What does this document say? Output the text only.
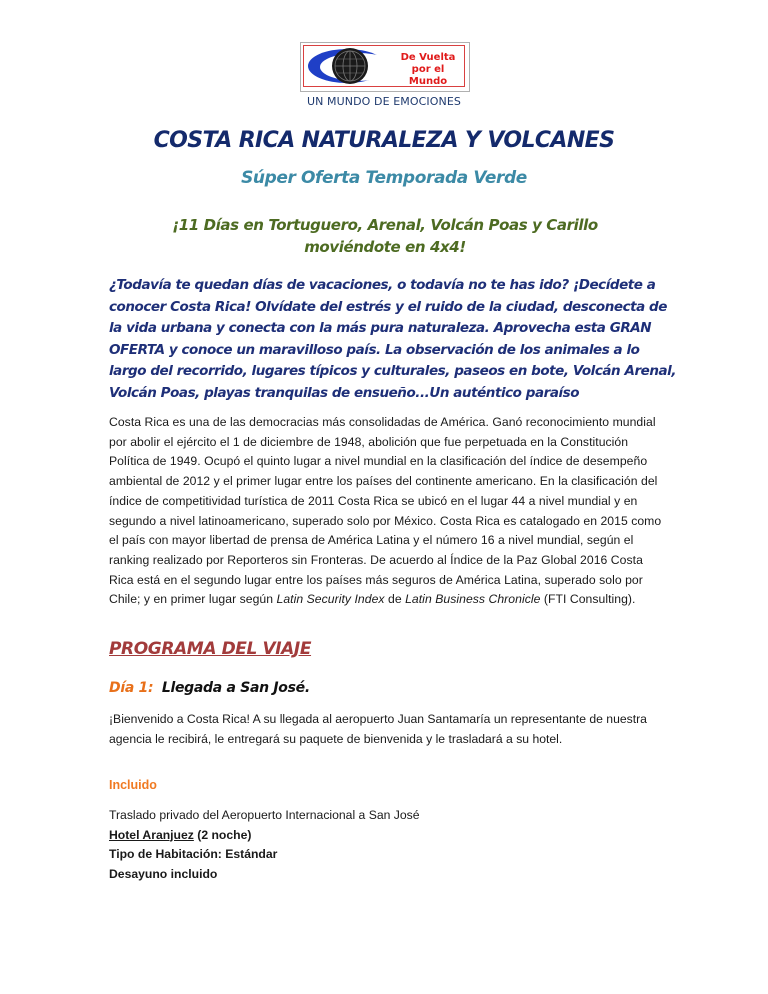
De Vuelta
por el Mundo
UN MUNDO DE EMOCIONES
COSTA RICA NATURALEZA Y VOLCANES
Súper Oferta Temporada Verde
¡11 Días en Tortuguero, Arenal, Volcán Poas y Carillo
moviéndote en 4x4!
¿Todavía te quedan días de vacaciones, o todavía no te has ido? ¡Decídete a conocer Costa Rica! Olvídate del estrés y el ruido de la ciudad, desconecta de la vida urbana y conecta con la más pura naturaleza. Aprovecha esta GRAN OFERTA y conoce un maravilloso país. La observación de los animales a lo largo del recorrido, lugares típicos y culturales, paseos en bote, Volcán Arenal, Volcán Poas, playas tranquilas de ensueño...Un auténtico paraíso
Costa Rica es una de las democracias más consolidadas de América. Ganó reconocimiento mundial por abolir el ejército el 1 de diciembre de 1948, abolición que fue perpetuada en la Constitución Política de 1949. Ocupó el quinto lugar a nivel mundial en la clasificación del índice de desempeño ambiental de 2012 y el primer lugar entre los países del continente americano. En la clasificación del índice de competitividad turística de 2011 Costa Rica se ubicó en el lugar 44 a nivel mundial y en segundo a nivel latinoamericano, superado solo por México. Costa Rica es catalogado en 2015 como el país con mayor libertad de prensa de América Latina y el número 16 a nivel mundial, según el ranking realizado por Reporteros sin Fronteras. De acuerdo al Índice de la Paz Global 2016 Costa Rica está en el segundo lugar entre los países más seguros de América Latina, superado solo por Chile; y en primer lugar según Latin Security Index de Latin Business Chronicle (FTI Consulting).
PROGRAMA DEL VIAJE
Día 1: Llegada a San José.
¡Bienvenido a Costa Rica! A su llegada al aeropuerto Juan Santamaría un representante de nuestra agencia le recibirá, le entregará su paquete de bienvenida y le trasladará a su hotel.
Incluido
Traslado privado del Aeropuerto Internacional a San José
Hotel Aranjuez (2 noche)
Tipo de Habitación: Estándar
Desayuno incluido
